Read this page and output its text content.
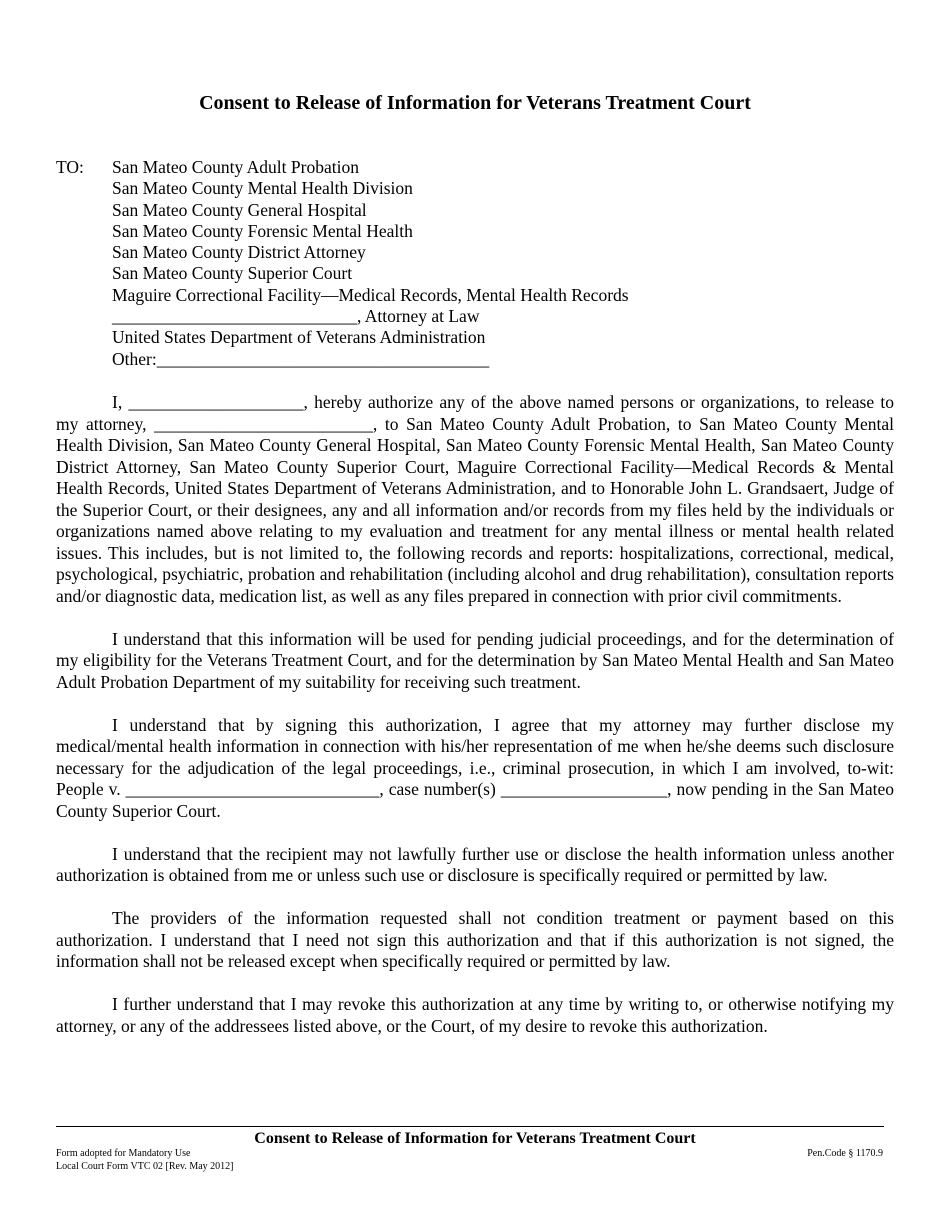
Consent to Release of Information for Veterans Treatment Court
TO: San Mateo County Adult Probation
San Mateo County Mental Health Division
San Mateo County General Hospital
San Mateo County Forensic Mental Health
San Mateo County District Attorney
San Mateo County Superior Court
Maguire Correctional Facility—Medical Records, Mental Health Records
____________________________, Attorney at Law
United States Department of Veterans Administration
Other:______________________________________

I, ____________________, hereby authorize any of the above named persons or organizations, to release to my attorney, _________________________, to San Mateo County Adult Probation, to San Mateo County Mental Health Division, San Mateo County General Hospital, San Mateo County Forensic Mental Health, San Mateo County District Attorney, San Mateo County Superior Court, Maguire Correctional Facility—Medical Records & Mental Health Records, United States Department of Veterans Administration, and to Honorable John L. Grandsaert, Judge of the Superior Court, or their designees, any and all information and/or records from my files held by the individuals or organizations named above relating to my evaluation and treatment for any mental illness or mental health related issues. This includes, but is not limited to, the following records and reports: hospitalizations, correctional, medical, psychological, psychiatric, probation and rehabilitation (including alcohol and drug rehabilitation), consultation reports and/or diagnostic data, medication list, as well as any files prepared in connection with prior civil commitments.

I understand that this information will be used for pending judicial proceedings, and for the determination of my eligibility for the Veterans Treatment Court, and for the determination by San Mateo Mental Health and San Mateo Adult Probation Department of my suitability for receiving such treatment.

I understand that by signing this authorization, I agree that my attorney may further disclose my medical/mental health information in connection with his/her representation of me when he/she deems such disclosure necessary for the adjudication of the legal proceedings, i.e., criminal prosecution, in which I am involved, to-wit: People v. _____________________________, case number(s) ___________________, now pending in the San Mateo County Superior Court.

I understand that the recipient may not lawfully further use or disclose the health information unless another authorization is obtained from me or unless such use or disclosure is specifically required or permitted by law.

The providers of the information requested shall not condition treatment or payment based on this authorization. I understand that I need not sign this authorization and that if this authorization is not signed, the information shall not be released except when specifically required or permitted by law.

I further understand that I may revoke this authorization at any time by writing to, or otherwise notifying my attorney, or any of the addressees listed above, or the Court, of my desire to revoke this authorization.

Consent to Release of Information for Veterans Treatment Court
Form adopted for Mandatory Use
Local Court Form VTC 02 [Rev. May 2012]
Pen.Code § 1170.9
